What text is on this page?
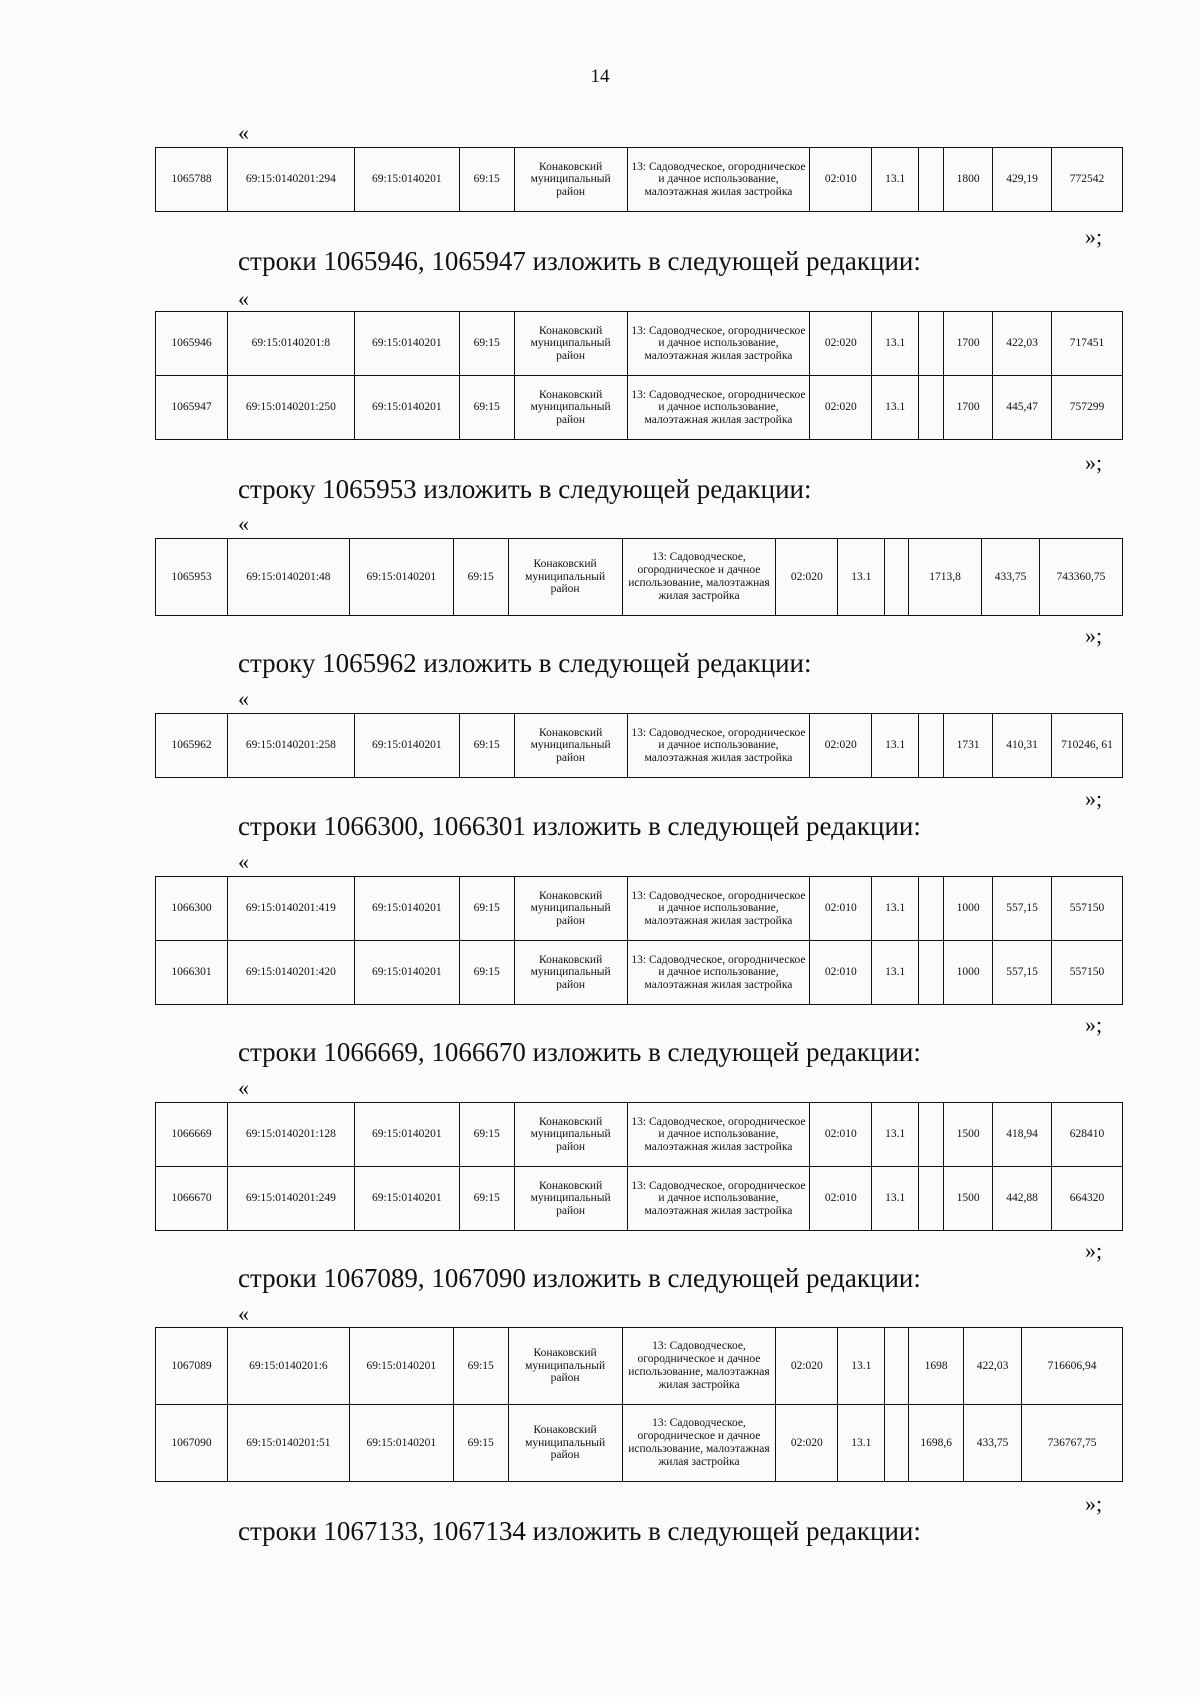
14
«
1065788	69:15:0140201:294	69:15:0140201	69:15	Конаковский муниципальный район	13: Садоводческое, огородническое и дачное использование, малоэтажная жилая застройка	02:010	13.1		1800	429,19	772542
»;
строки 1065946, 1065947 изложить в следующей редакции:
«
1065946	69:15:0140201:8	69:15:0140201	69:15	Конаковский муниципальный район	13: Садоводческое, огородническое и дачное использование, малоэтажная жилая застройка	02:020	13.1		1700	422,03	717451
1065947	69:15:0140201:250	69:15:0140201	69:15	Конаковский муниципальный район	13: Садоводческое, огородническое и дачное использование, малоэтажная жилая застройка	02:020	13.1		1700	445,47	757299
»;
строку 1065953 изложить в следующей редакции:
«
1065953	69:15:0140201:48	69:15:0140201	69:15	Конаковский муниципальный район	13: Садоводческое, огородническое и дачное использование, малоэтажная жилая застройка	02:020	13.1		1713,8	433,75	743360,75
»;
строку 1065962 изложить в следующей редакции:
«
1065962	69:15:0140201:258	69:15:0140201	69:15	Конаковский муниципальный район	13: Садоводческое, огородническое и дачное использование, малоэтажная жилая застройка	02:020	13.1		1731	410,31	710246, 61
»;
строки 1066300, 1066301 изложить в следующей редакции:
«
1066300	69:15:0140201:419	69:15:0140201	69:15	Конаковский муниципальный район	13: Садоводческое, огородническое и дачное использование, малоэтажная жилая застройка	02:010	13.1		1000	557,15	557150
1066301	69:15:0140201:420	69:15:0140201	69:15	Конаковский муниципальный район	13: Садоводческое, огородническое и дачное использование, малоэтажная жилая застройка	02:010	13.1		1000	557,15	557150
»;
строки 1066669, 1066670 изложить в следующей редакции:
«
1066669	69:15:0140201:128	69:15:0140201	69:15	Конаковский муниципальный район	13: Садоводческое, огородническое и дачное использование, малоэтажная жилая застройка	02:010	13.1		1500	418,94	628410
1066670	69:15:0140201:249	69:15:0140201	69:15	Конаковский муниципальный район	13: Садоводческое, огородническое и дачное использование, малоэтажная жилая застройка	02:010	13.1		1500	442,88	664320
»;
строки 1067089, 1067090 изложить в следующей редакции:
«
1067089	69:15:0140201:6	69:15:0140201	69:15	Конаковский муниципальный район	13: Садоводческое, огородническое и дачное использование, малоэтажная жилая застройка	02:020	13.1		1698	422,03	716606,94
1067090	69:15:0140201:51	69:15:0140201	69:15	Конаковский муниципальный район	13: Садоводческое, огородническое и дачное использование, малоэтажная жилая застройка	02:020	13.1		1698,6	433,75	736767,75
»;
строки 1067133, 1067134 изложить в следующей редакции:
